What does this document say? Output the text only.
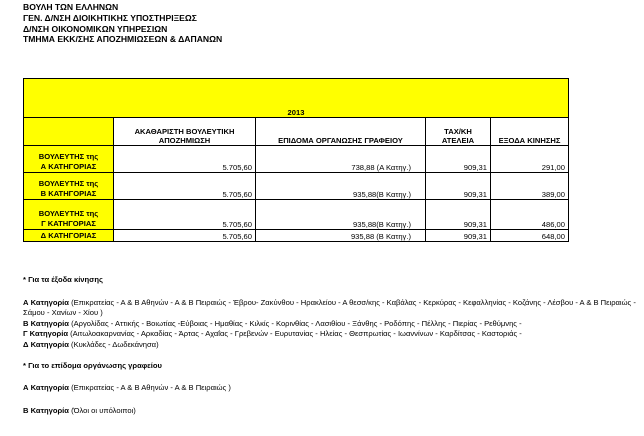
ΒΟΥΛΗ ΤΩΝ ΕΛΛΗΝΩΝ
ΓΕΝ. Δ/ΝΣΗ ΔΙΟΙΚΗΤΙΚΗΣ ΥΠΟΣΤΗΡΙΞΕΩΣ
Δ/ΝΣΗ ΟΙΚΟΝΟΜΙΚΩΝ ΥΠΗΡΕΣΙΩΝ
ΤΜΗΜΑ ΕΚΚ/ΣΗΣ ΑΠΟΖΗΜΙΩΣΕΩΝ & ΔΑΠΑΝΩΝ
2013				
	ΑΚΑΘΑΡΙΣΤΗ ΒΟΥΛΕΥΤΙΚΗ ΑΠΟΖΗΜΙΩΣΗ	ΕΠΙΔΟΜΑ ΟΡΓΑΝΩΣΗΣ ΓΡΑΦΕΙΟΥ	ΤΑΧ/ΚΗ ΑΤΕΛΕΙΑ	ΕΞΟΔΑ ΚΙΝΗΣΗΣ

ΒΟΥΛΕΥΤΗΣ της
Α ΚΑΤΗΓΟΡΙΑΣ	5.705,60	738,88 (Α Κατηγ.)	909,31	291,00

ΒΟΥΛΕΥΤΗΣ της
Β ΚΑΤΗΓΟΡΙΑΣ	5.705,60	935,88(Β Κατηγ.)	909,31	389,00

ΒΟΥΛΕΥΤΗΣ της
Γ ΚΑΤΗΓΟΡΙΑΣ	5.705,60	935,88(Β Κατηγ.)	909,31	486,00

Δ ΚΑΤΗΓΟΡΙΑΣ	5.705,60	935,88 (Β Κατηγ.)	909,31	648,00

* Για τα έξοδα κίνησης

Α Κατηγορία (Επικρατείας - Α & Β Αθηνών - Α & Β Πειραιώς - Έβρου- Ζακύνθου - Ηρακλείου - Α θεσσ/κης - Καβάλας - Κερκύρας - Κεφαλληνίας - Κοζάνης - Λέσβου - Α & Β Πειραιώς - Σάμου - Χανίων - Χίου )

Β Κατηγορία (Αργολίδας - Αττικής - Βοιωτίας -Εύβοιας - Ημαθίας - Κιλκίς - Κορινθίας - Λασιθίου - Ξάνθης - Ροδόπης - Πέλλης - Πιερίας - Ρεθύμνης -

Γ Κατηγορία (Αιτωλοακαρνανίας - Αρκαδίας - Άρτας - Αχαΐας - Γρεβενών - Ευρυτανίας - Ηλείας - Θεσπρωτίας - Ιωαννίνων - Καρδίτσας - Καστοριάς -

Δ Κατηγορία (Κυκλάδες - Δωδεκάνησα)

* Για το επίδομα οργάνωσης γραφείου

Α Κατηγορία (Επικρατείας - Α & Β Αθηνών - Α & Β Πειραιώς )

Β Κατηγορία (Όλοι οι υπόλοιποι)
